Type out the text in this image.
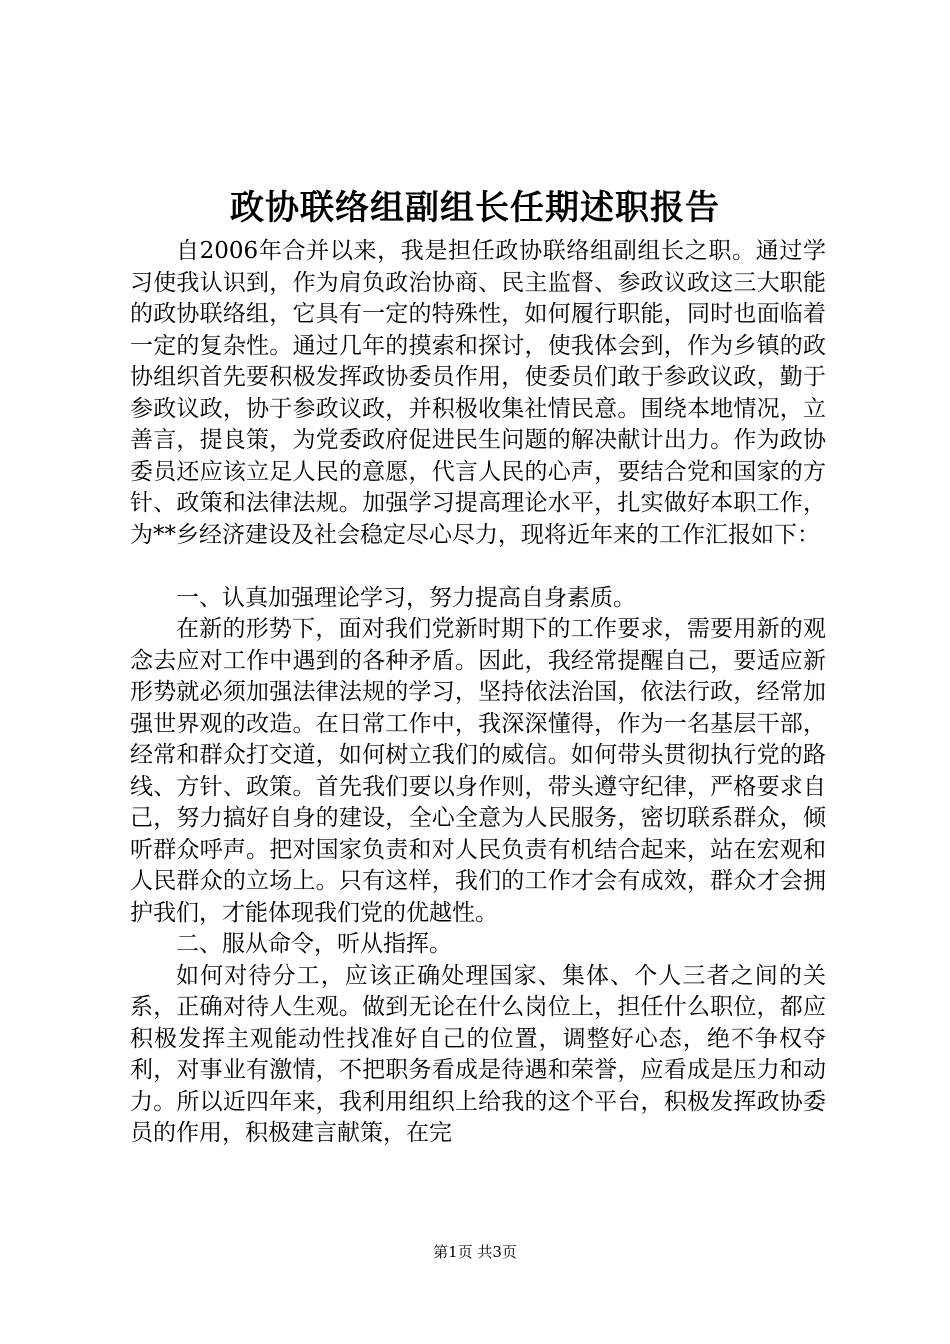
政协联络组副组长任期述职报告

自2006年合并以来，我是担任政协联络组副组长之职。通过学习使我认识到，作为肩负政治协商、民主监督、参政议政这三大职能的政协联络组，它具有一定的特殊性，如何履行职能，同时也面临着一定的复杂性。通过几年的摸索和探讨，使我体会到，作为乡镇的政协组织首先要积极发挥政协委员作用，使委员们敢于参政议政，勤于参政议政，协于参政议政，并积极收集社情民意。围绕本地情况，立善言，提良策，为党委政府促进民生问题的解决献计出力。作为政协委员还应该立足人民的意愿，代言人民的心声，要结合党和国家的方针、政策和法律法规。加强学习提高理论水平，扎实做好本职工作，为**乡经济建设及社会稳定尽心尽力，现将近年来的工作汇报如下：

一、认真加强理论学习，努力提高自身素质。

在新的形势下，面对我们党新时期下的工作要求，需要用新的观念去应对工作中遇到的各种矛盾。因此，我经常提醒自己，要适应新形势就必须加强法律法规的学习，坚持依法治国，依法行政，经常加强世界观的改造。在日常工作中，我深深懂得，作为一名基层干部，经常和群众打交道，如何树立我们的威信。如何带头贯彻执行党的路线、方针、政策。首先我们要以身作则，带头遵守纪律，严格要求自己，努力搞好自身的建设，全心全意为人民服务，密切联系群众，倾听群众呼声。把对国家负责和对人民负责有机结合起来，站在宏观和人民群众的立场上。只有这样，我们的工作才会有成效，群众才会拥护我们，才能体现我们党的优越性。

二、服从命令，听从指挥。

如何对待分工，应该正确处理国家、集体、个人三者之间的关系，正确对待人生观。做到无论在什么岗位上，担任什么职位，都应积极发挥主观能动性找准好自己的位置，调整好心态，绝不争权夺利，对事业有激情，不把职务看成是待遇和荣誉，应看成是压力和动力。所以近四年来，我利用组织上给我的这个平台，积极发挥政协委员的作用，积极建言献策，在完

第1页 共3页
